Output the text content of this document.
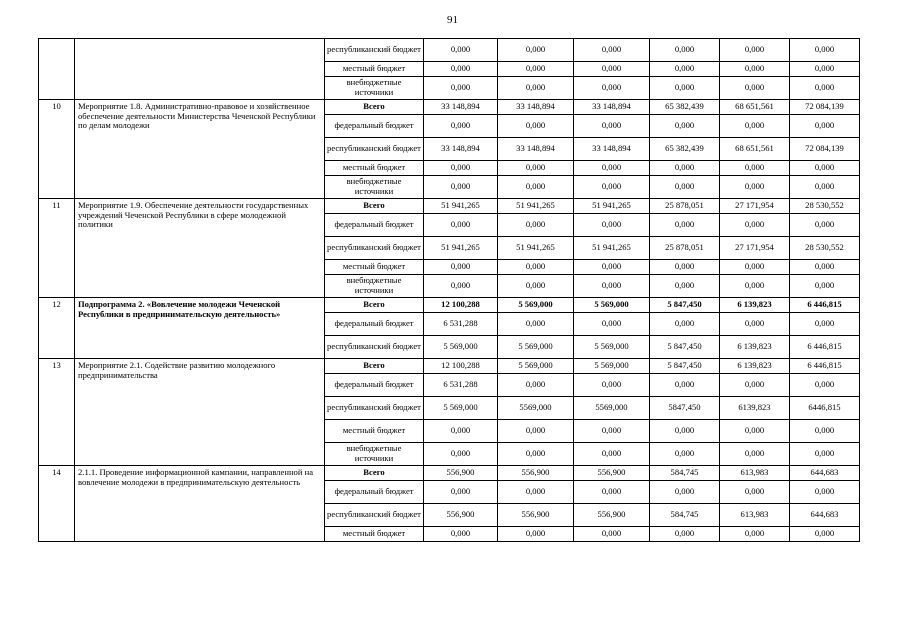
91
		республиканский бюджет	0,000	0,000	0,000	0,000	0,000	0,000
		местный бюджет	0,000	0,000	0,000	0,000	0,000	0,000
		внебюджетные источники	0,000	0,000	0,000	0,000	0,000	0,000
10	Мероприятие 1.8. Административно-правовое и хозяйственное обеспечение деятельности Министерства Чеченской Республики по делам молодежи	Всего	33 148,894	33 148,894	33 148,894	65 382,439	68 651,561	72 084,139
		федеральный бюджет	0,000	0,000	0,000	0,000	0,000	0,000
		республиканский бюджет	33 148,894	33 148,894	33 148,894	65 382,439	68 651,561	72 084,139
		местный бюджет	0,000	0,000	0,000	0,000	0,000	0,000
		внебюджетные источники	0,000	0,000	0,000	0,000	0,000	0,000
11	Мероприятие 1.9. Обеспечение деятельности государственных учреждений Чеченской Республики в сфере молодежной политики	Всего	51 941,265	51 941,265	51 941,265	25 878,051	27 171,954	28 530,552
		федеральный бюджет	0,000	0,000	0,000	0,000	0,000	0,000
		республиканский бюджет	51 941,265	51 941,265	51 941,265	25 878,051	27 171,954	28 530,552
		местный бюджет	0,000	0,000	0,000	0,000	0,000	0,000
		внебюджетные источники	0,000	0,000	0,000	0,000	0,000	0,000
12	Подпрограмма 2. «Вовлечение молодежи Чеченской Республики в предпринимательскую деятельность»	Всего	12 100,288	5 569,000	5 569,000	5 847,450	6 139,823	6 446,815
		федеральный бюджет	6 531,288	0,000	0,000	0,000	0,000	0,000
		республиканский бюджет	5 569,000	5 569,000	5 569,000	5 847,450	6 139,823	6 446,815
13	Мероприятие 2.1. Содействие развитию молодежного предпринимательства	Всего	12 100,288	5 569,000	5 569,000	5 847,450	6 139,823	6 446,815
		федеральный бюджет	6 531,288	0,000	0,000	0,000	0,000	0,000
		республиканский бюджет	5 569,000	5569,000	5569,000	5847,450	6139,823	6446,815
		местный бюджет	0,000	0,000	0,000	0,000	0,000	0,000
		внебюджетные источники	0,000	0,000	0,000	0,000	0,000	0,000
14	2.1.1. Проведение информационной кампании, направленной на вовлечение молодежи в предпринимательскую деятельность	Всего	556,900	556,900	556,900	584,745	613,983	644,683
		федеральный бюджет	0,000	0,000	0,000	0,000	0,000	0,000
		республиканский бюджет	556,900	556,900	556,900	584,745	613,983	644,683
		местный бюджет	0,000	0,000	0,000	0,000	0,000	0,000
